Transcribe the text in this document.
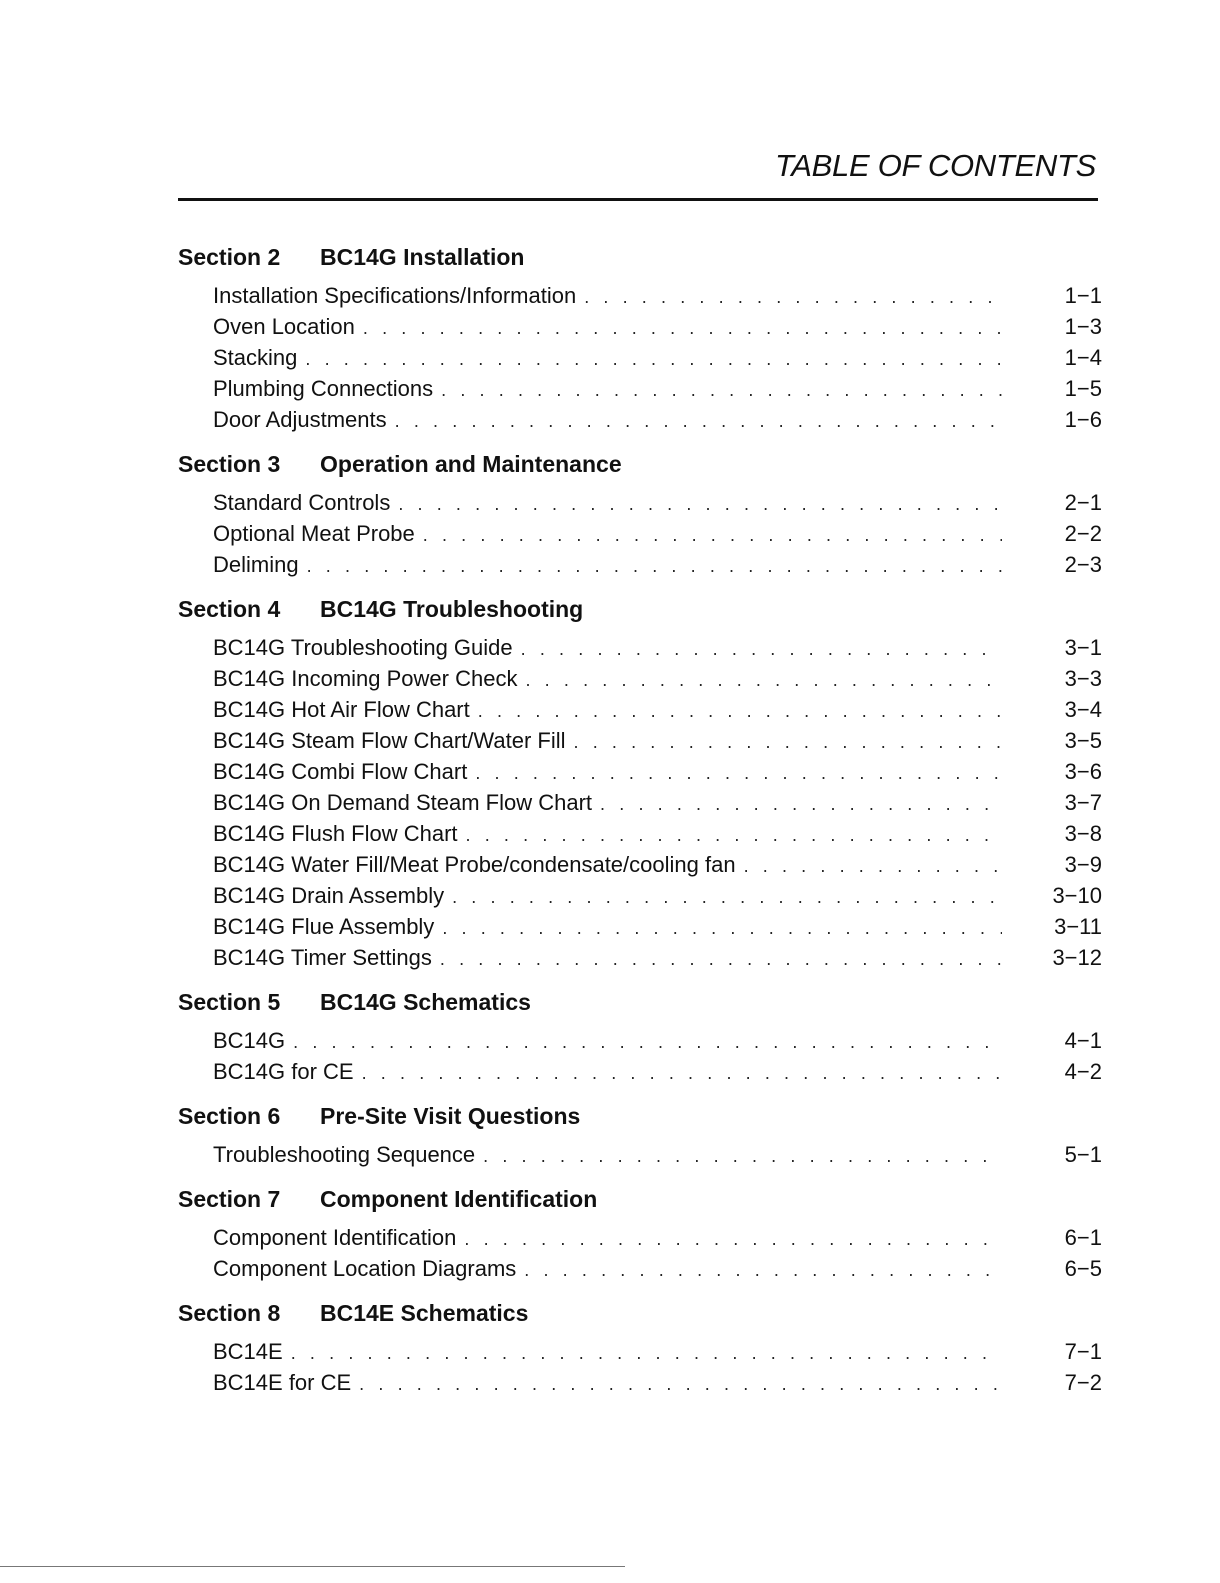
TABLE OF CONTENTS
Section 2	BC14G Installation
Installation Specifications/Information . . .	1−1
Oven Location . . .	1−3
Stacking . . .	1−4
Plumbing Connections . . .	1−5
Door Adjustments . . .	1−6
Section 3	Operation and Maintenance
Standard Controls . . .	2−1
Optional Meat Probe . . .	2−2
Deliming . . .	2−3
Section 4	BC14G Troubleshooting
BC14G Troubleshooting Guide . . .	3−1
BC14G Incoming Power Check . . .	3−3
BC14G Hot Air Flow Chart . . .	3−4
BC14G Steam Flow Chart/Water Fill . . .	3−5
BC14G Combi Flow Chart . . .	3−6
BC14G On Demand Steam Flow Chart . . .	3−7
BC14G Flush Flow Chart . . .	3−8
BC14G Water Fill/Meat Probe/condensate/cooling fan . . .	3−9
BC14G Drain Assembly . . .	3−10
BC14G Flue Assembly . . .	3−11
BC14G Timer Settings . . .	3−12
Section 5	BC14G Schematics
BC14G . . .	4−1
BC14G for CE . . .	4−2
Section 6	Pre-Site Visit Questions
Troubleshooting Sequence . . .	5−1
Section 7	Component Identification
Component Identification . . .	6−1
Component Location Diagrams . . .	6−5
Section 8	BC14E Schematics
BC14E . . .	7−1
BC14E for CE . . .	7−2
